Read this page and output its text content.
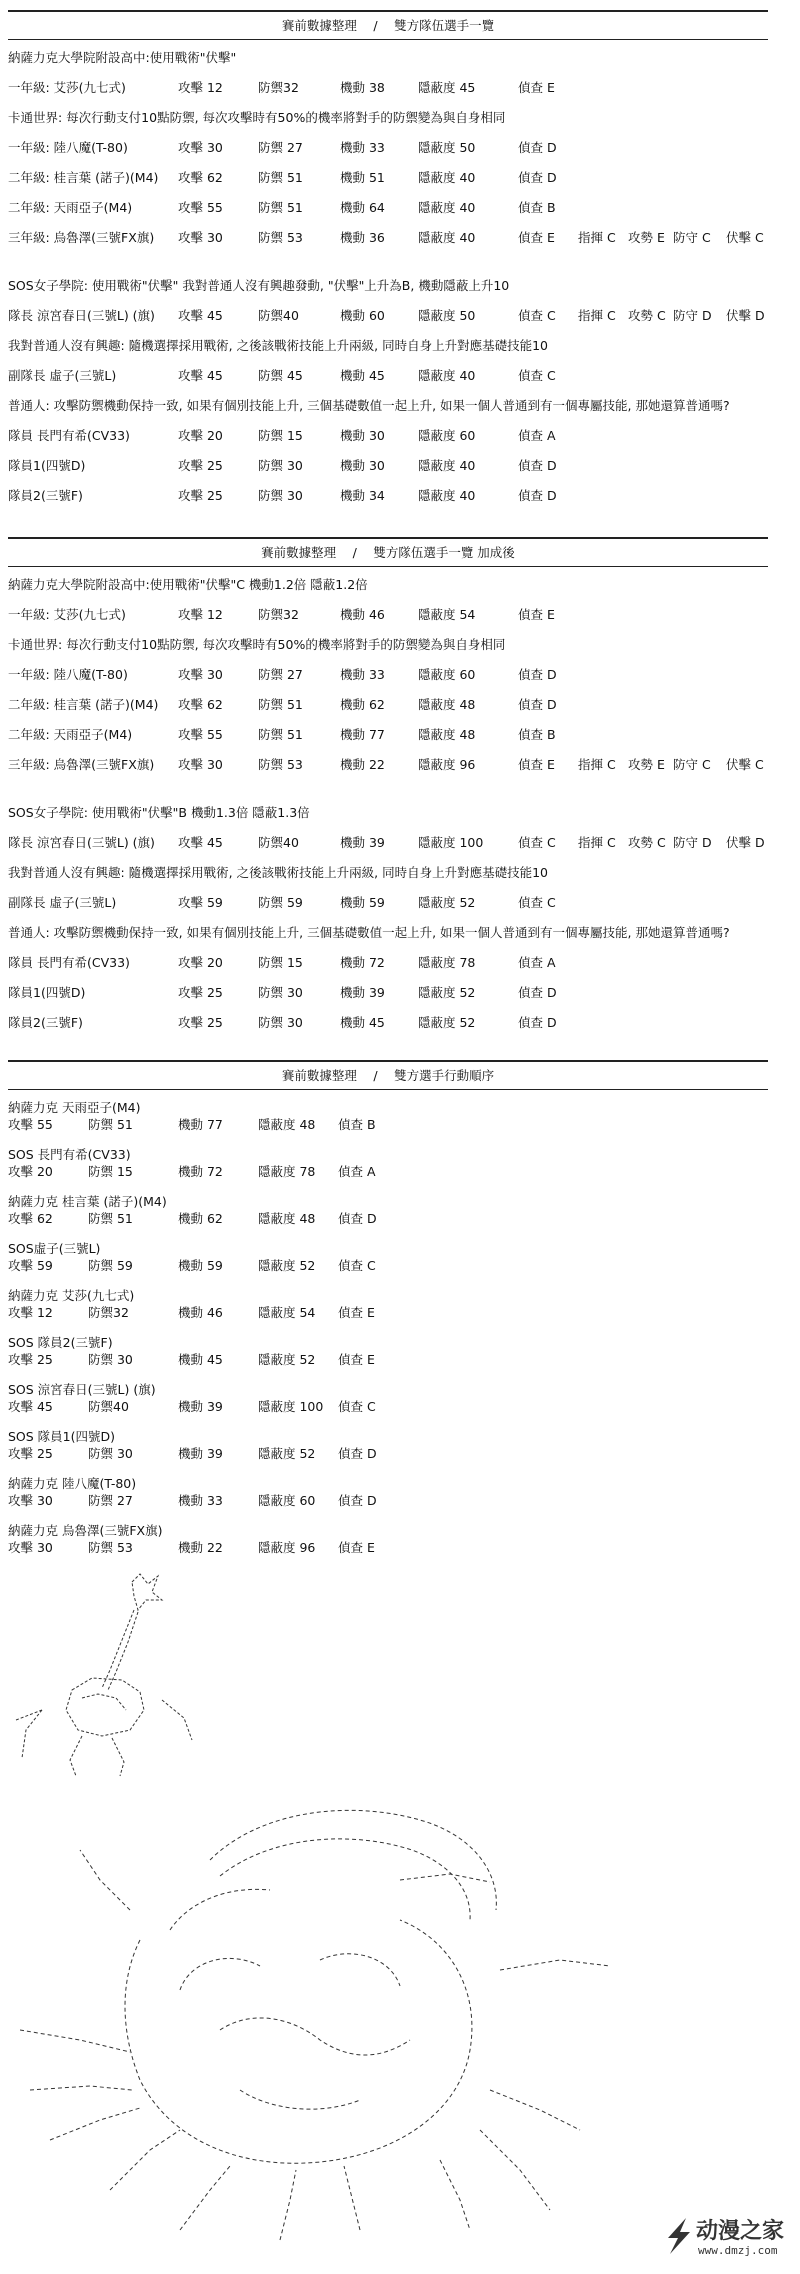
賽前數據整理　 /　 雙方隊伍選手一覽
納薩力克大學院附設高中:使用戰術"伏擊"
一年級: 艾莎(九七式)	攻擊 12	防禦32	機動 38	隱蔽度 45	偵查 E
卡通世界: 每次行動支付10點防禦, 每次攻擊時有50%的機率將對手的防禦變為與自身相同
一年級: 陸八魔(T-80)	攻擊 30	防禦 27	機動 33	隱蔽度 50	偵查 D
二年級: 桂言葉 (諾子)(M4) 攻擊 62	防禦 51	機動 51	隱蔽度 40	偵查 D
二年級: 天雨亞子(M4)	攻擊 55	防禦 51	機動 64	隱蔽度 40	偵查 B
三年級: 烏魯澤(三號FX旗) 攻擊 30	防禦 53	機動 36	隱蔽度 40	偵查 E 指揮 C 攻勢 E 防守 C 伏擊 C
SOS女子學院: 使用戰術"伏擊" 我對普通人沒有興趣發動, "伏擊"上升為B, 機動隱蔽上升10
隊長 涼宮春日(三號L) (旗) 攻擊 45	防禦40	機動 60	隱蔽度 50	偵查 C 指揮 C 攻勢 C 防守 D 伏擊 D
我對普通人沒有興趣: 隨機選擇採用戰術, 之後該戰術技能上升兩級, 同時自身上升對應基礎技能10
副隊長 虛子(三號L)	攻擊 45	防禦 45	機動 45	隱蔽度 40	偵查 C
普通人: 攻擊防禦機動保持一致, 如果有個別技能上升, 三個基礎數值一起上升, 如果一個人普通到有一個專屬技能, 那她還算普通嗎?
隊員 長門有希(CV33)	攻擊 20	防禦 15	機動 30	隱蔽度 60	偵查 A
隊員1(四號D)	攻擊 25	防禦 30	機動 30	隱蔽度 40	偵查 D
隊員2(三號F)	攻擊 25	防禦 30	機動 34	隱蔽度 40	偵查 D
賽前數據整理　 /　 雙方隊伍選手一覽 加成後
納薩力克大學院附設高中:使用戰術"伏擊"C 機動1.2倍 隱蔽1.2倍
一年級: 艾莎(九七式)	攻擊 12	防禦32	機動 46	隱蔽度 54	偵查 E
卡通世界: 每次行動支付10點防禦, 每次攻擊時有50%的機率將對手的防禦變為與自身相同
一年級: 陸八魔(T-80)	攻擊 30	防禦 27	機動 33	隱蔽度 60	偵查 D
二年級: 桂言葉 (諾子)(M4) 攻擊 62	防禦 51	機動 62	隱蔽度 48	偵查 D
二年級: 天雨亞子(M4)	攻擊 55	防禦 51	機動 77	隱蔽度 48	偵查 B
三年級: 烏魯澤(三號FX旗) 攻擊 30	防禦 53	機動 22	隱蔽度 96	偵查 E 指揮 C 攻勢 E 防守 C 伏擊 C
SOS女子學院: 使用戰術"伏擊"B 機動1.3倍 隱蔽1.3倍
隊長 涼宮春日(三號L) (旗) 攻擊 45	防禦40	機動 39	隱蔽度 100	偵查 C 指揮 C 攻勢 C 防守 D 伏擊 D
我對普通人沒有興趣: 隨機選擇採用戰術, 之後該戰術技能上升兩級, 同時自身上升對應基礎技能10
副隊長 虛子(三號L)	攻擊 59	防禦 59	機動 59	隱蔽度 52	偵查 C
普通人: 攻擊防禦機動保持一致, 如果有個別技能上升, 三個基礎數值一起上升, 如果一個人普通到有一個專屬技能, 那她還算普通嗎?
隊員 長門有希(CV33)	攻擊 20	防禦 15	機動 72	隱蔽度 78	偵查 A
隊員1(四號D)	攻擊 25	防禦 30	機動 39	隱蔽度 52	偵查 D
隊員2(三號F)	攻擊 25	防禦 30	機動 45	隱蔽度 52	偵查 D
賽前數據整理　 /　 雙方選手行動順序
納薩力克 天雨亞子(M4)
攻擊 55	防禦 51	機動 77	隱蔽度 48 偵查 B
SOS 長門有希(CV33)
攻擊 20	防禦 15	機動 72	隱蔽度 78 偵查 A
納薩力克 桂言葉 (諾子)(M4)
攻擊 62	防禦 51	機動 62	隱蔽度 48 偵查 D
SOS虛子(三號L)
攻擊 59	防禦 59	機動 59	隱蔽度 52 偵查 C
納薩力克 艾莎(九七式)
攻擊 12	防禦32	機動 46	隱蔽度 54 偵查 E
SOS 隊員2(三號F)
攻擊 25	防禦 30	機動 45	隱蔽度 52 偵查 E
SOS 涼宮春日(三號L) (旗)
攻擊 45	防禦40	機動 39	隱蔽度 100 偵查 C
SOS 隊員1(四號D)
攻擊 25	防禦 30	機動 39	隱蔽度 52 偵查 D
納薩力克 陸八魔(T-80)
攻擊 30	防禦 27	機動 33	隱蔽度 60 偵查 D
納薩力克 烏魯澤(三號FX旗)
攻擊 30	防禦 53	機動 22	隱蔽度 96 偵查 E
动漫之家
www.dmzj.com
